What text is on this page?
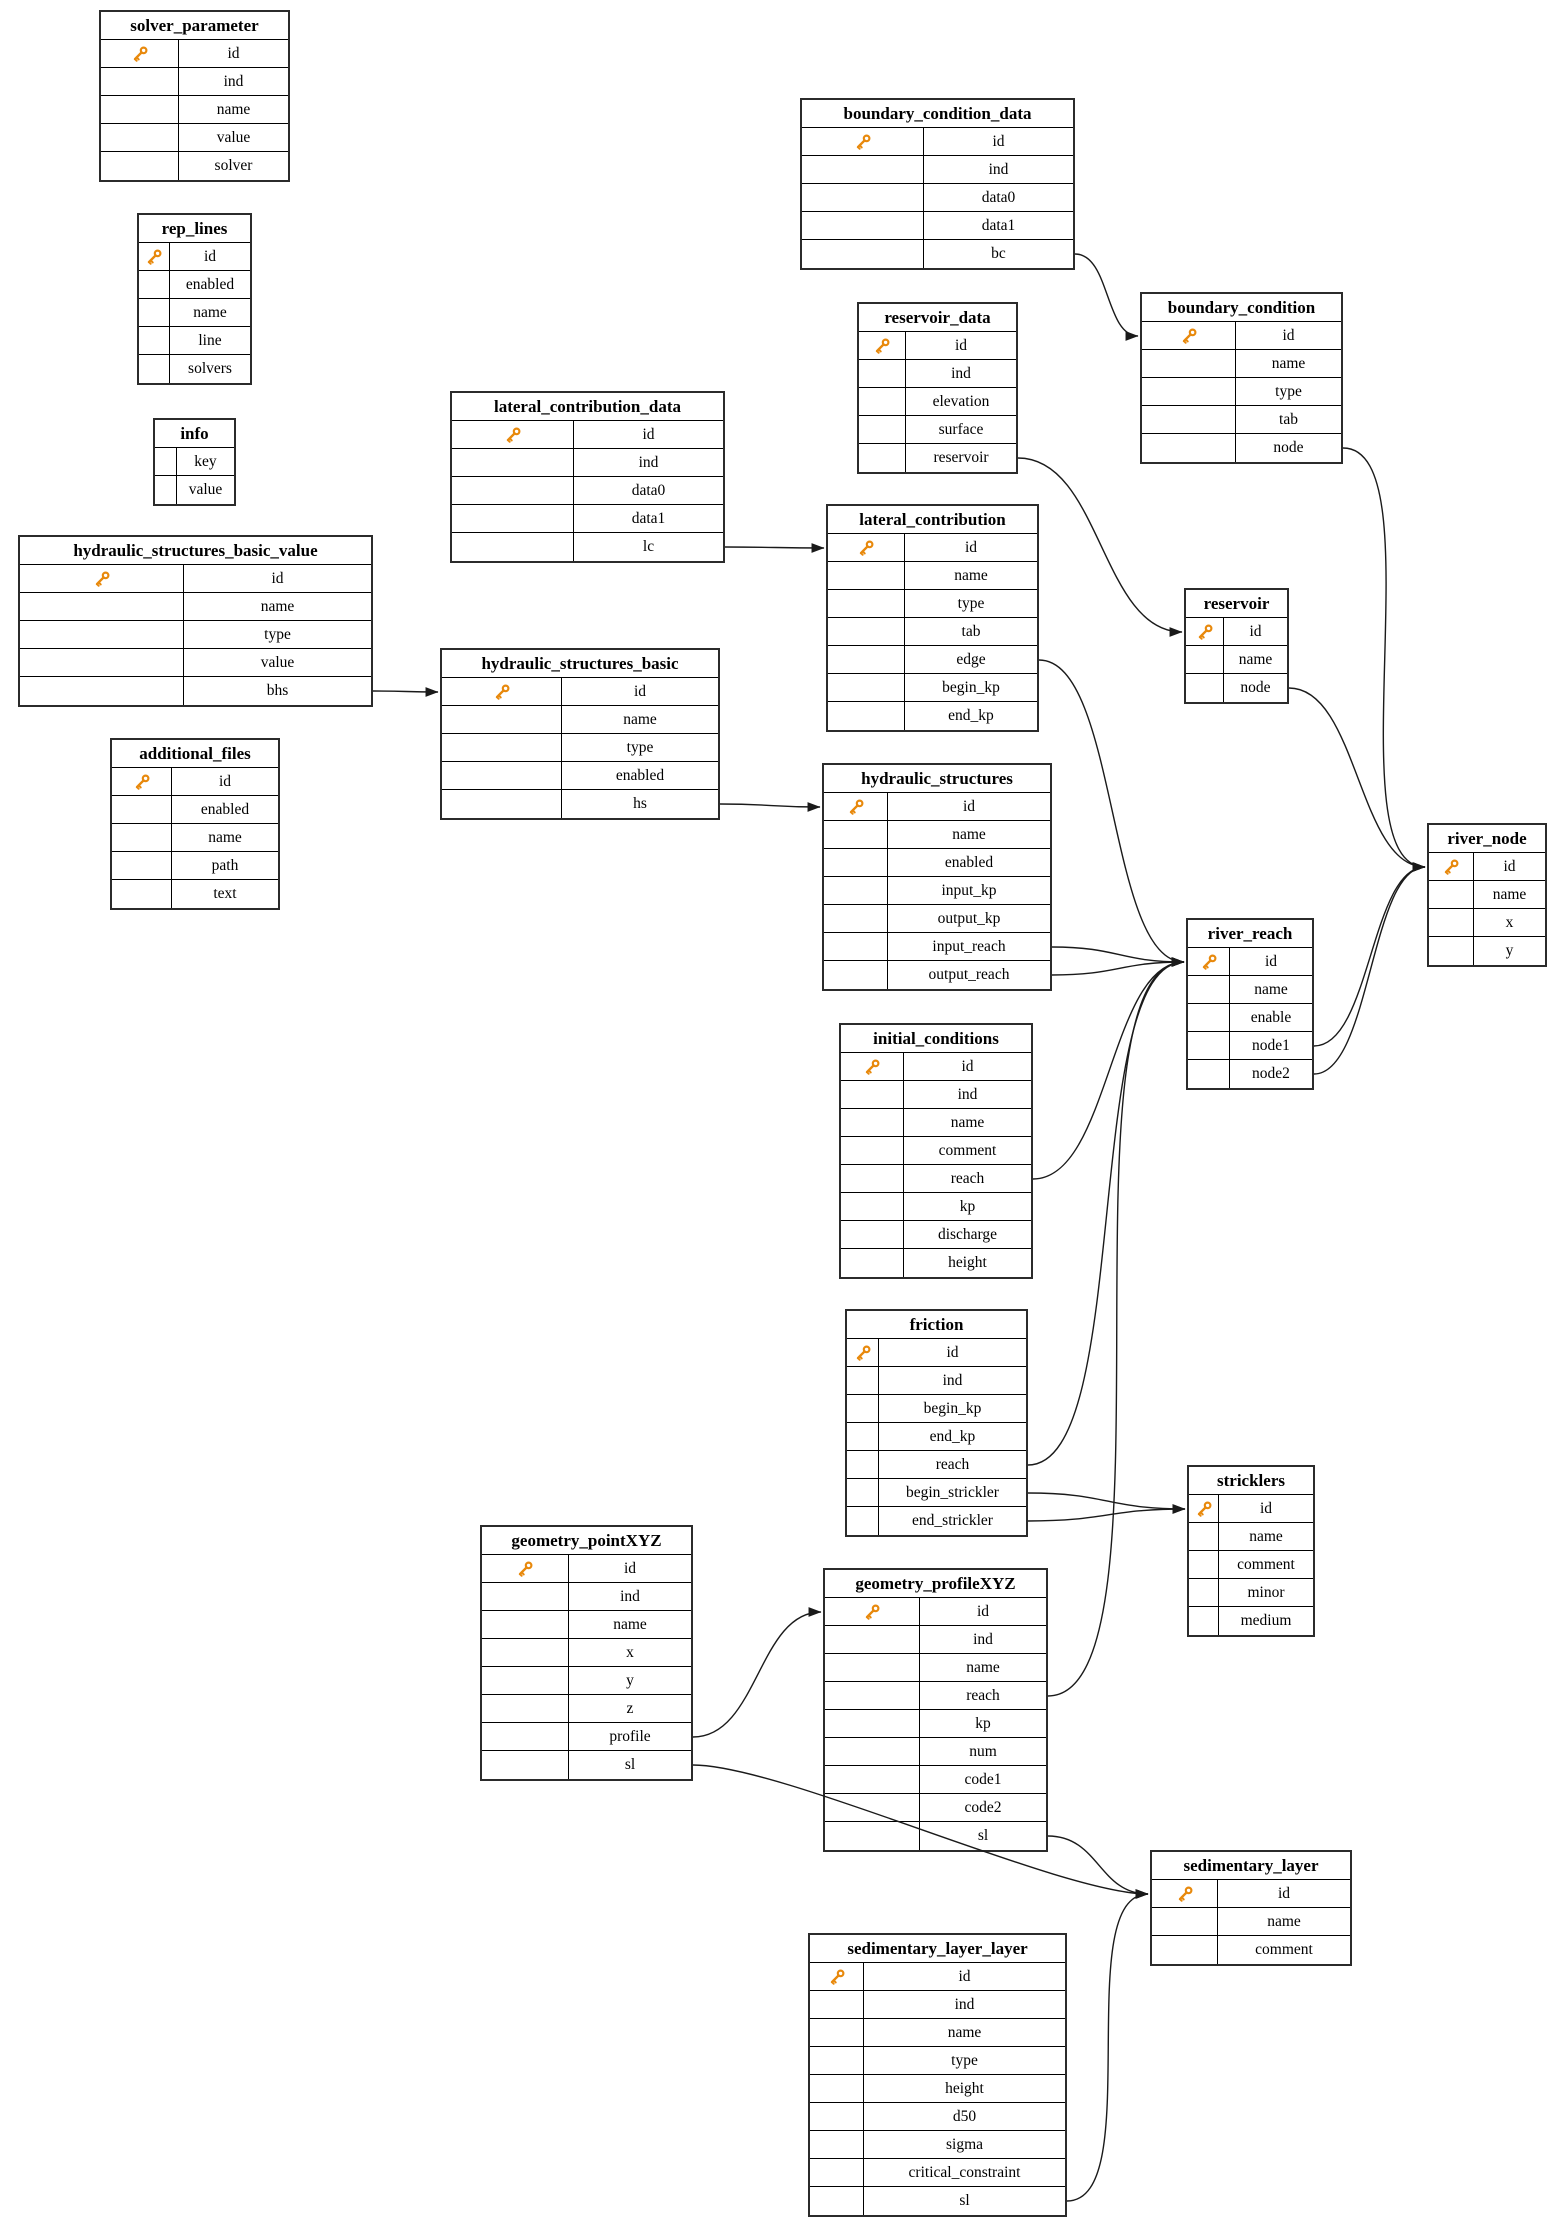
solver_parameter
id
ind
name
value
solver
rep_lines
id
enabled
name
line
solvers
info
key
value
hydraulic_structures_basic_value
id
name
type
value
bhs
additional_files
id
enabled
name
path
text
lateral_contribution_data
id
ind
data0
data1
lc
hydraulic_structures_basic
id
name
type
enabled
hs
boundary_condition_data
id
ind
data0
data1
bc
reservoir_data
id
ind
elevation
surface
reservoir
boundary_condition
id
name
type
tab
node
lateral_contribution
id
name
type
tab
edge
begin_kp
end_kp
reservoir
id
name
node
hydraulic_structures
id
name
enabled
input_kp
output_kp
input_reach
output_reach
river_reach
id
name
enable
node1
node2
river_node
id
name
x
y
initial_conditions
id
ind
name
comment
reach
kp
discharge
height
friction
id
ind
begin_kp
end_kp
reach
begin_strickler
end_strickler
stricklers
id
name
comment
minor
medium
geometry_pointXYZ
id
ind
name
x
y
z
profile
sl
geometry_profileXYZ
id
ind
name
reach
kp
num
code1
code2
sl
sedimentary_layer
id
name
comment
sedimentary_layer_layer
id
ind
name
type
height
d50
sigma
critical_constraint
sl
